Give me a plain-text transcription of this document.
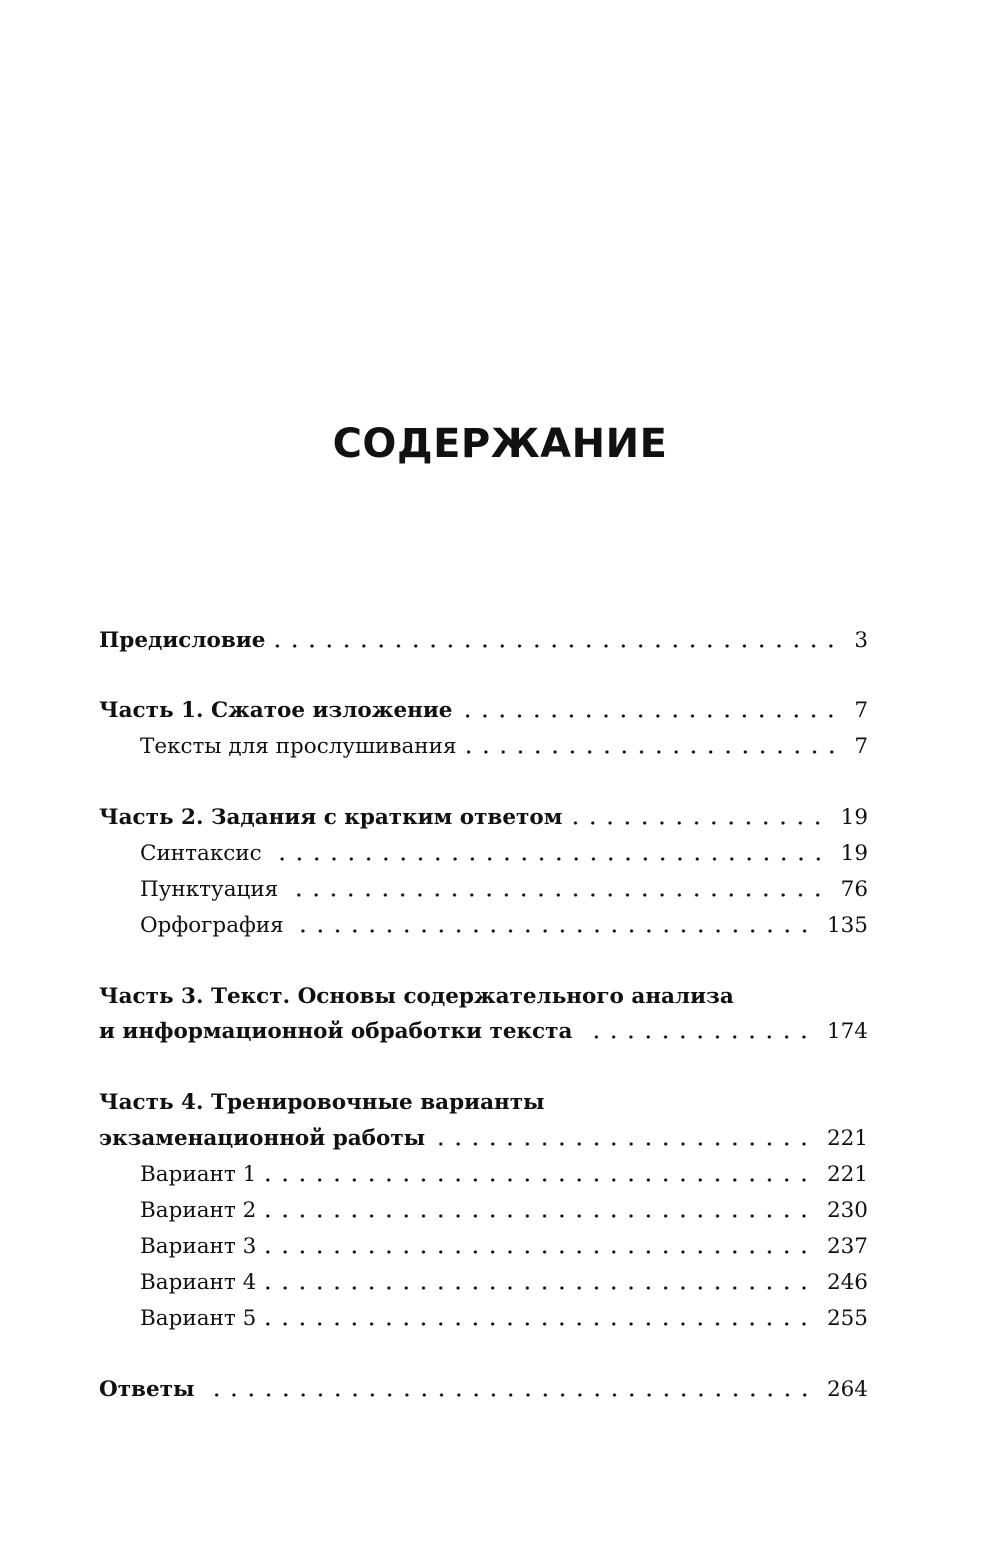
СОДЕРЖАНИЕ
Предисловие	3
Часть 1. Сжатое изложение	7
Тексты для прослушивания	7
Часть 2. Задания с кратким ответом	19
Синтаксис	19
Пунктуация	76
Орфография	135
Часть 3. Текст. Основы содержательного анализа
и информационной обработки текста	174
Часть 4. Тренировочные варианты
экзаменационной работы	221
Вариант 1	221
Вариант 2	230
Вариант 3	237
Вариант 4	246
Вариант 5	255
Ответы	264
